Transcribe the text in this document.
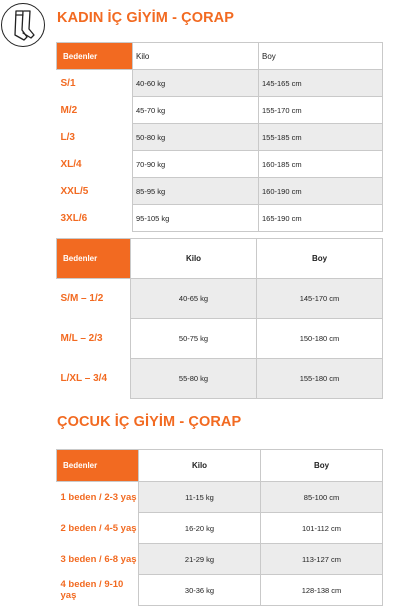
KADIN İÇ GİYİM - ÇORAP
Bedenler	Kilo	Boy
S/1	40-60 kg	145-165 cm
M/2	45-70 kg	155-170 cm
L/3	50-80 kg	155-185 cm
XL/4	70-90 kg	160-185 cm
XXL/5	85-95 kg	160-190 cm
3XL/6	95-105 kg	165-190 cm
Bedenler	Kilo	Boy
S/M – 1/2	40-65 kg	145-170 cm
M/L – 2/3	50-75 kg	150-180 cm
L/XL – 3/4	55-80 kg	155-180 cm
ÇOCUK İÇ GİYİM - ÇORAP
Bedenler	Kilo	Boy
1 beden / 2-3 yaş	11-15 kg	85-100 cm
2 beden / 4-5 yaş	16-20 kg	101-112 cm
3 beden / 6-8 yaş	21-29 kg	113-127 cm
4 beden / 9-10 yaş	30-36 kg	128-138 cm
